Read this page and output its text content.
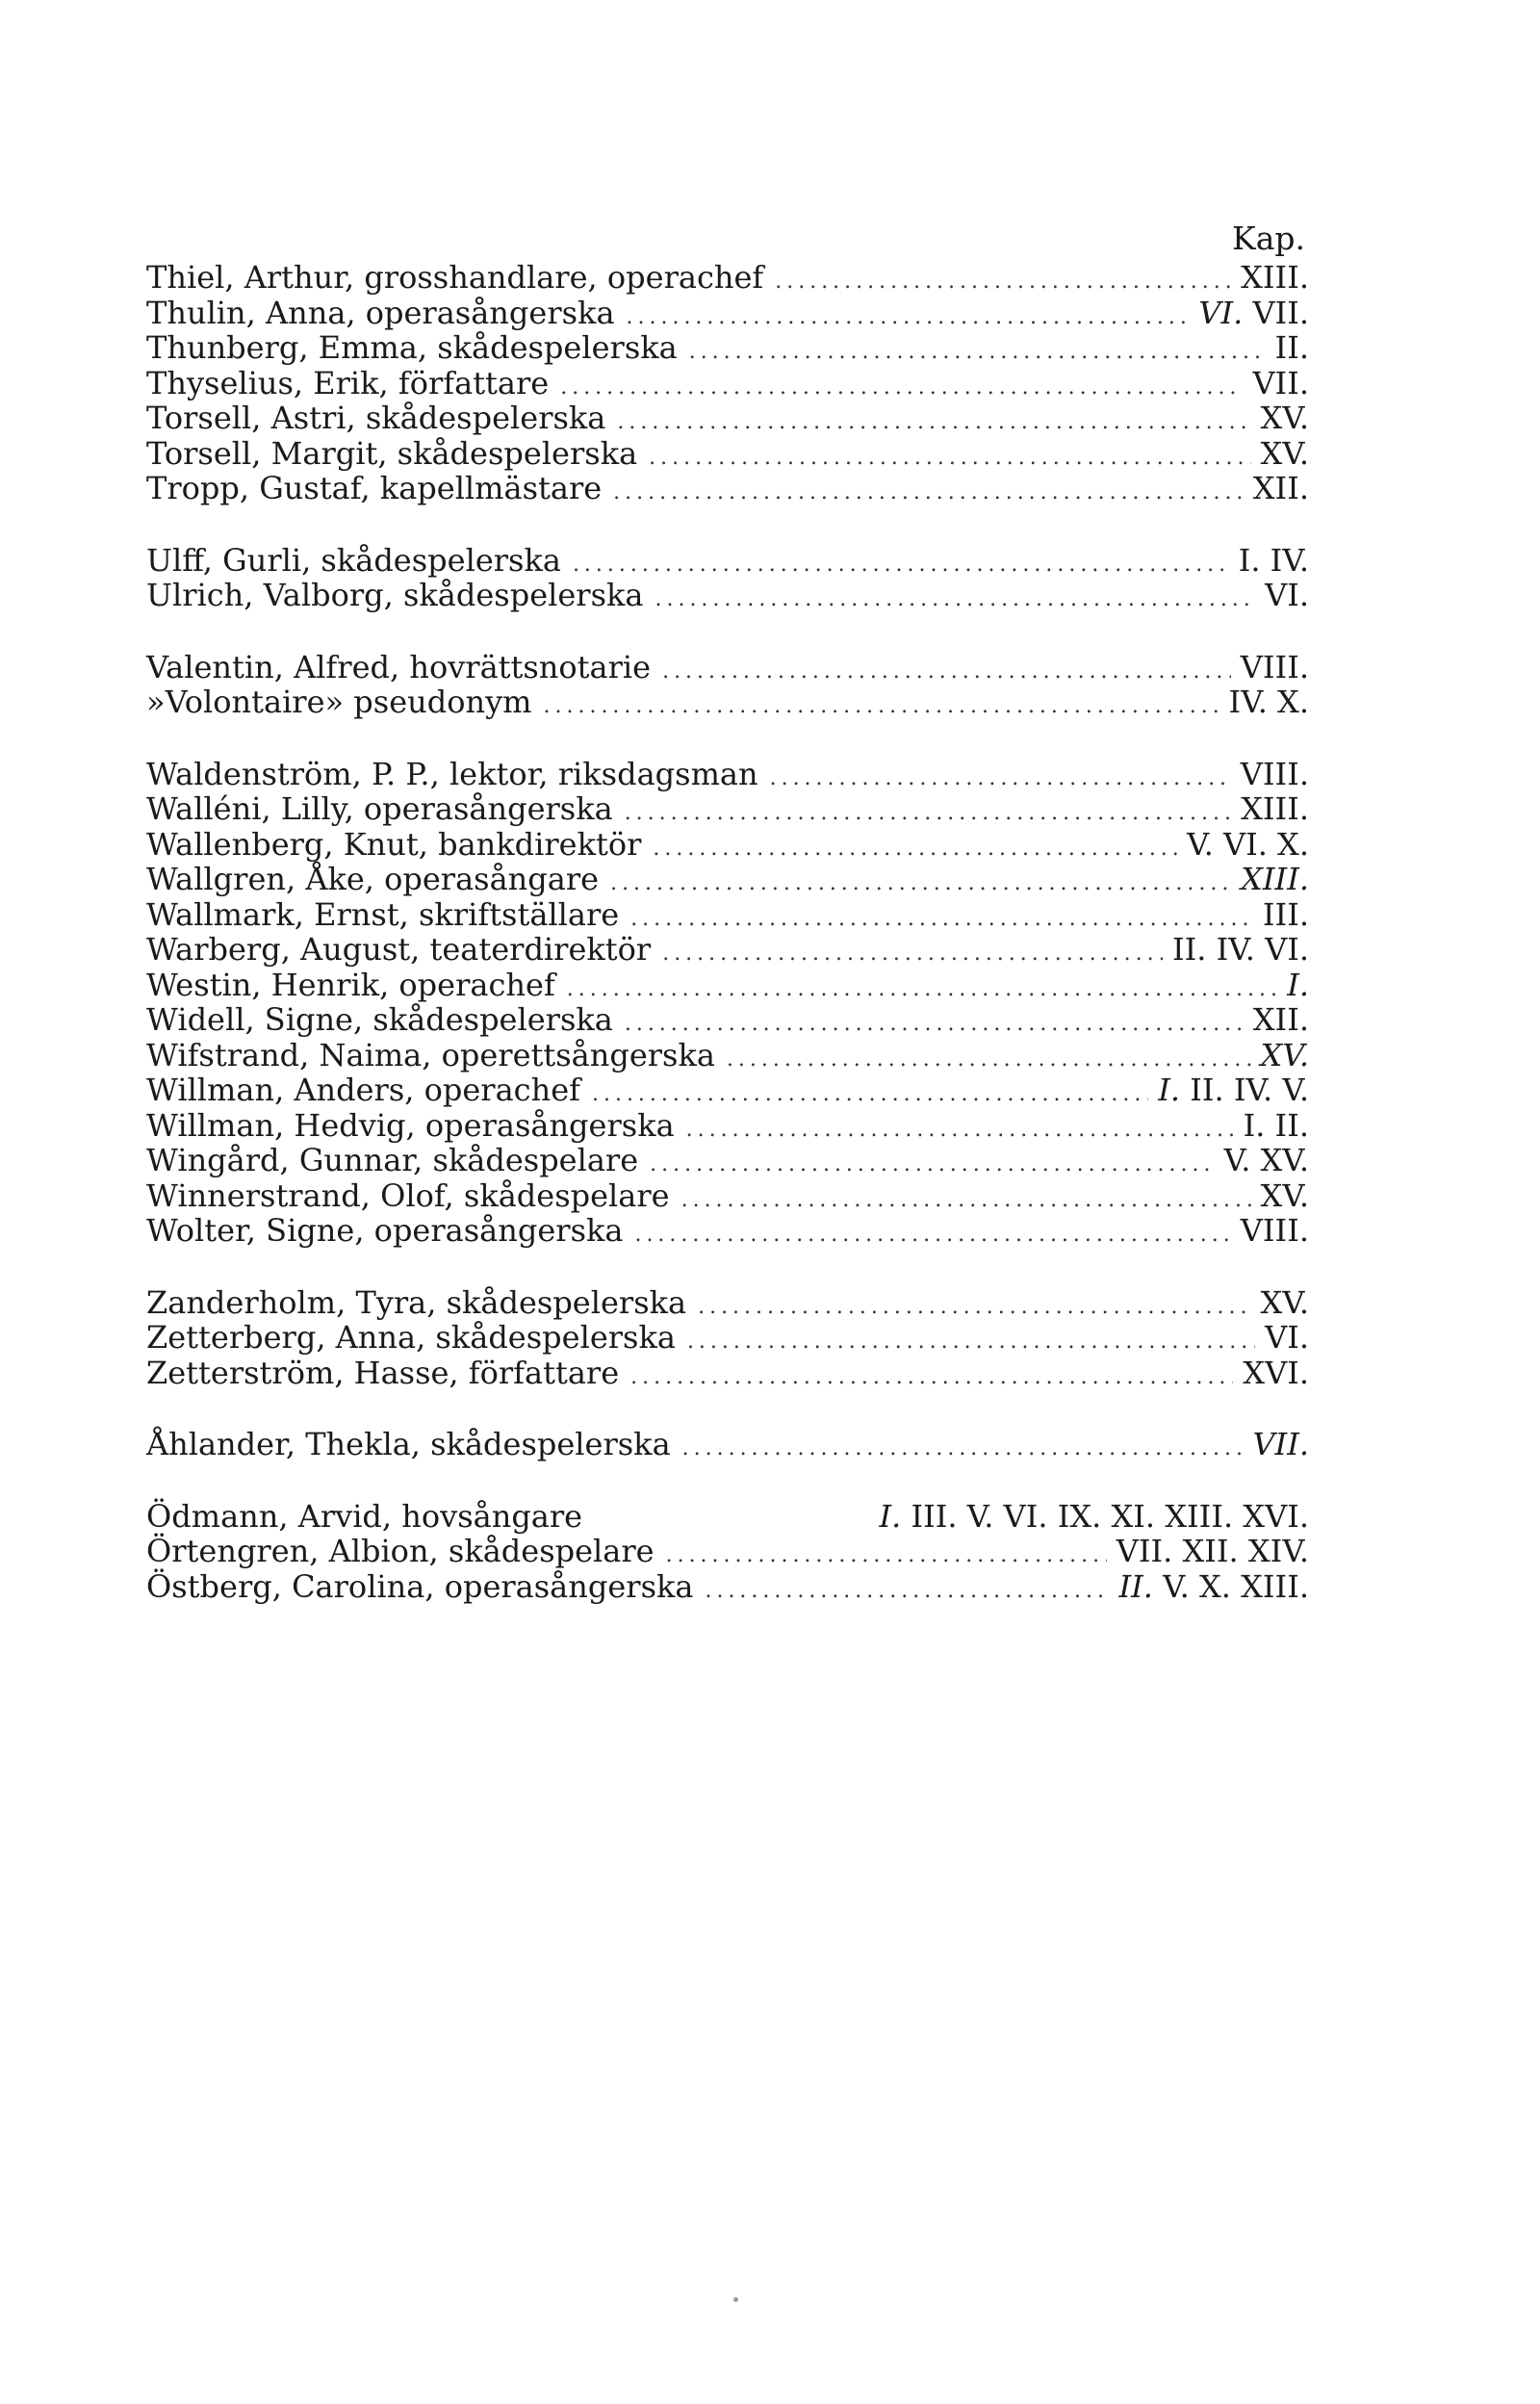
Kap.
Thiel, Arthur, grosshandlare, operachef . . .	XIII.
Thulin, Anna, operasångerska . . .	VI. VII.
Thunberg, Emma, skådespelerska . . .	II.
Thyselius, Erik, författare . . .	VII.
Torsell, Astri, skådespelerska . . .	XV.
Torsell, Margit, skådespelerska . . .	XV.
Tropp, Gustaf, kapellmästare . . .	XII.
Ulff, Gurli, skådespelerska . . .	I. IV.
Ulrich, Valborg, skådespelerska . . .	VI.
Valentin, Alfred, hovrättsnotarie . . .	VIII.
»Volontaire» pseudonym . . .	IV. X.
Waldenström, P. P., lektor, riksdagsman . . .	VIII.
Walléni, Lilly, operasångerska . . .	XIII.
Wallenberg, Knut, bankdirektör . . .	V. VI. X.
Wallgren, Åke, operasångare . . .	XIII.
Wallmark, Ernst, skriftställare . . .	III.
Warberg, August, teaterdirektör . . .	II. IV. VI.
Westin, Henrik, operachef . . .	I.
Widell, Signe, skådespelerska . . .	XII.
Wifstrand, Naima, operettsångerska . . .	XV.
Willman, Anders, operachef . . .	I. II. IV. V.
Willman, Hedvig, operasångerska . . .	I. II.
Wingård, Gunnar, skådespelare . . .	V. XV.
Winnerstrand, Olof, skådespelare . . .	XV.
Wolter, Signe, operasångerska . . .	VIII.
Zanderholm, Tyra, skådespelerska . . .	XV.
Zetterberg, Anna, skådespelerska . . .	VI.
Zetterström, Hasse, författare . . .	XVI.
Åhlander, Thekla, skådespelerska . . .	VII.
Ödmann, Arvid, hovsångare	I. III. V. VI. IX. XI. XIII. XVI.
Örtengren, Albion, skådespelare . . .	VII. XII. XIV.
Östberg, Carolina, operasångerska . . .	II. V. X. XIII.
